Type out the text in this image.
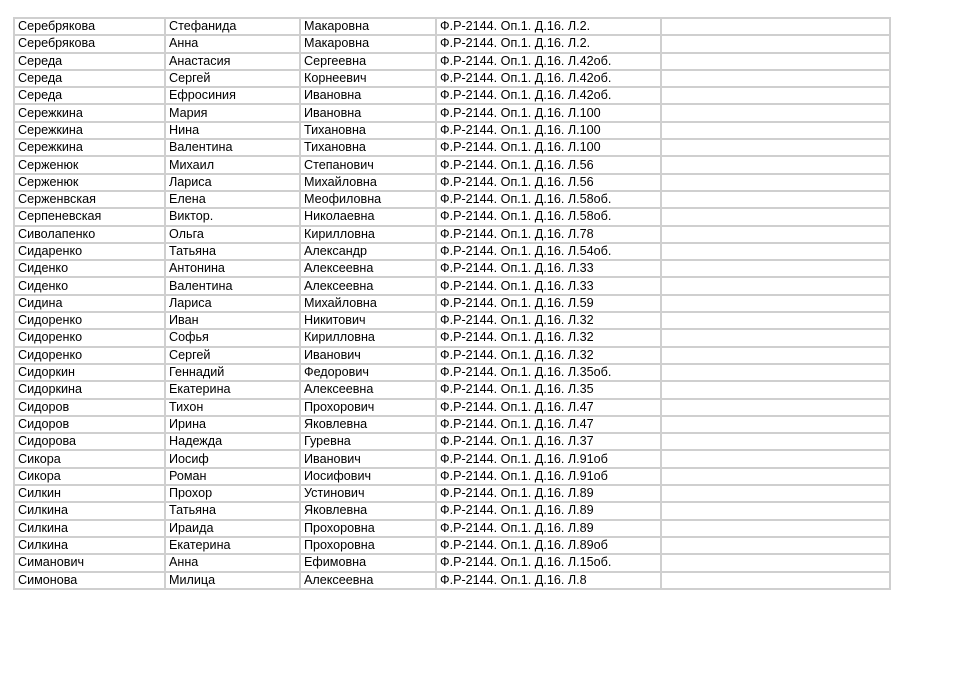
Серебрякова	Стефанида	Макаровна	Ф.Р-2144. Оп.1. Д.16. Л.2.	
Серебрякова	Анна	Макаровна	Ф.Р-2144. Оп.1. Д.16. Л.2.	
Середа	Анастасия	Сергеевна	Ф.Р-2144. Оп.1. Д.16. Л.42об.	
Середа	Сергей	Корнеевич	Ф.Р-2144. Оп.1. Д.16. Л.42об.	
Середа	Ефросиния	Ивановна	Ф.Р-2144. Оп.1. Д.16. Л.42об.	
Сережкина	Мария	Ивановна	Ф.Р-2144. Оп.1. Д.16. Л.100	
Сережкина	Нина	Тихановна	Ф.Р-2144. Оп.1. Д.16. Л.100	
Сережкина	Валентина	Тихановна	Ф.Р-2144. Оп.1. Д.16. Л.100	
Серженюк	Михаил	Степанович	Ф.Р-2144. Оп.1. Д.16. Л.56	
Серженюк	Лариса	Михайловна	Ф.Р-2144. Оп.1. Д.16. Л.56	
Серженвская	Елена	Меофиловна	Ф.Р-2144. Оп.1. Д.16. Л.58об.	
Серпеневская	Виктор.	Николаевна	Ф.Р-2144. Оп.1. Д.16. Л.58об.	
Сиволапенко	Ольга	Кирилловна	Ф.Р-2144. Оп.1. Д.16. Л.78	
Сидаренко	Татьяна	Александр	Ф.Р-2144. Оп.1. Д.16. Л.54об.	
Сиденко	Антонина	Алексеевна	Ф.Р-2144. Оп.1. Д.16. Л.33	
Сиденко	Валентина	Алексеевна	Ф.Р-2144. Оп.1. Д.16. Л.33	
Сидина	Лариса	Михайловна	Ф.Р-2144. Оп.1. Д.16. Л.59	
Сидоренко	Иван	Никитович	Ф.Р-2144. Оп.1. Д.16. Л.32	
Сидоренко	Софья	Кирилловна	Ф.Р-2144. Оп.1. Д.16. Л.32	
Сидоренко	Сергей	Иванович	Ф.Р-2144. Оп.1. Д.16. Л.32	
Сидоркин	Геннадий	Федорович	Ф.Р-2144. Оп.1. Д.16. Л.35об.	
Сидоркина	Екатерина	Алексеевна	Ф.Р-2144. Оп.1. Д.16. Л.35	
Сидоров	Тихон	Прохорович	Ф.Р-2144. Оп.1. Д.16. Л.47	
Сидоров	Ирина	Яковлевна	Ф.Р-2144. Оп.1. Д.16. Л.47	
Сидорова	Надежда	Гуревна	Ф.Р-2144. Оп.1. Д.16. Л.37	
Сикора	Иосиф	Иванович	Ф.Р-2144. Оп.1. Д.16. Л.91об	
Сикора	Роман	Иосифович	Ф.Р-2144. Оп.1. Д.16. Л.91об	
Силкин	Прохор	Устинович	Ф.Р-2144. Оп.1. Д.16. Л.89	
Силкина	Татьяна	Яковлевна	Ф.Р-2144. Оп.1. Д.16. Л.89	
Силкина	Ираида	Прохоровна	Ф.Р-2144. Оп.1. Д.16. Л.89	
Силкина	Екатерина	Прохоровна	Ф.Р-2144. Оп.1. Д.16. Л.89об	
Симанович	Анна	Ефимовна	Ф.Р-2144. Оп.1. Д.16. Л.15об.	
Симонова	Милица	Алексеевна	Ф.Р-2144. Оп.1. Д.16. Л.8	
